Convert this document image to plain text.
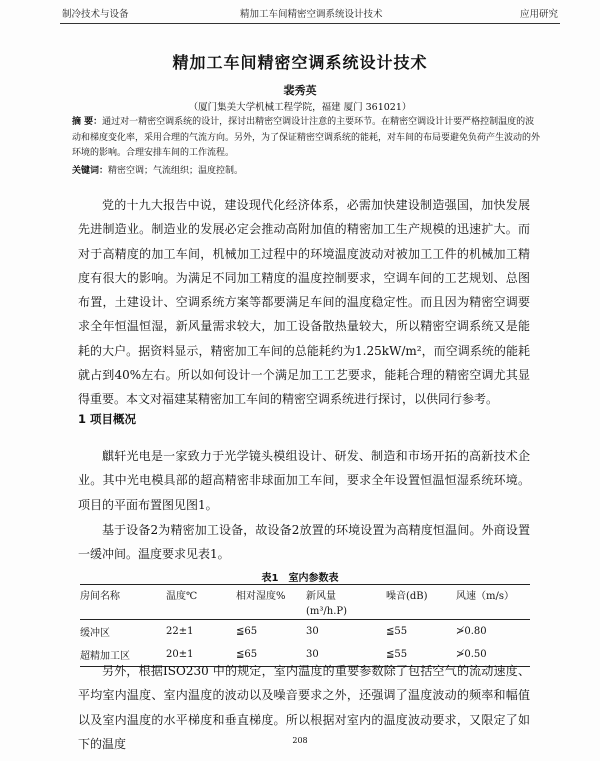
制冷技术与设备	精加工车间精密空调系统设计技术	应用研究
精加工车间精密空调系统设计技术
裴秀英
（厦门集美大学机械工程学院，福建 厦门 361021）
摘 要：通过对一精密空调系统的设计，探讨出精密空调设计注意的主要环节。在精密空调设计计要严格控制温度的波动和梯度变化率，采用合理的气流方向。另外，为了保证精密空调系统的能耗，对车间的布局要避免负荷产生波动的外环境的影响。合理安排车间的工作流程。
关键词：精密空调；气流组织；温度控制。

党的十九大报告中说，建设现代化经济体系，必需加快建设制造强国，加快发展先进制造业。制造业的发展必定会推动高附加值的精密加工生产规模的迅速扩大。而对于高精度的加工车间，机械加工过程中的环境温度波动对被加工工件的机械加工精度有很大的影响。为满足不同加工精度的温度控制要求，空调车间的工艺规划、总图布置，土建设计、空调系统方案等都要满足车间的温度稳定性。而且因为精密空调要求全年恒温恒湿，新风量需求较大，加工设备散热量较大，所以精密空调系统又是能耗的大户。据资料显示，精密加工车间的总能耗约为1.25kW/m²，而空调系统的能耗就占到40%左右。所以如何设计一个满足加工工艺要求，能耗合理的精密空调尤其显得重要。本文对福建某精密加工车间的精密空调系统进行探讨，以供同行参考。

1 项目概况

麒轩光电是一家致力于光学镜头模组设计、研发、制造和市场开拓的高新技术企业。其中光电模具部的超高精密非球面加工车间，要求全年设置恒温恒湿系统环境。项目的平面布置图见图1。

基于设备2为精密加工设备，故设备2放置的环境设置为高精度恒温间。外商设置一缓冲间。温度要求见表1。

表1　室内参数表
房间名称	温度℃	相对湿度%	新风量
(m³/h.P)	噪音(dB)	风速（m/s）
缓冲区	22±1	≦65	30	≦55	≯0.80
超精加工区	20±1	≦65	30	≦55	≯0.50

另外，根据ISO230 中的规定，室内温度的重要参数除了包括空气的流动速度、平均室内温度、室内温度的波动以及噪音要求之外，还强调了温度波动的频率和幅值以及室内温度的水平梯度和垂直梯度。所以根据对室内的温度波动要求，又限定了如下的温度	208
